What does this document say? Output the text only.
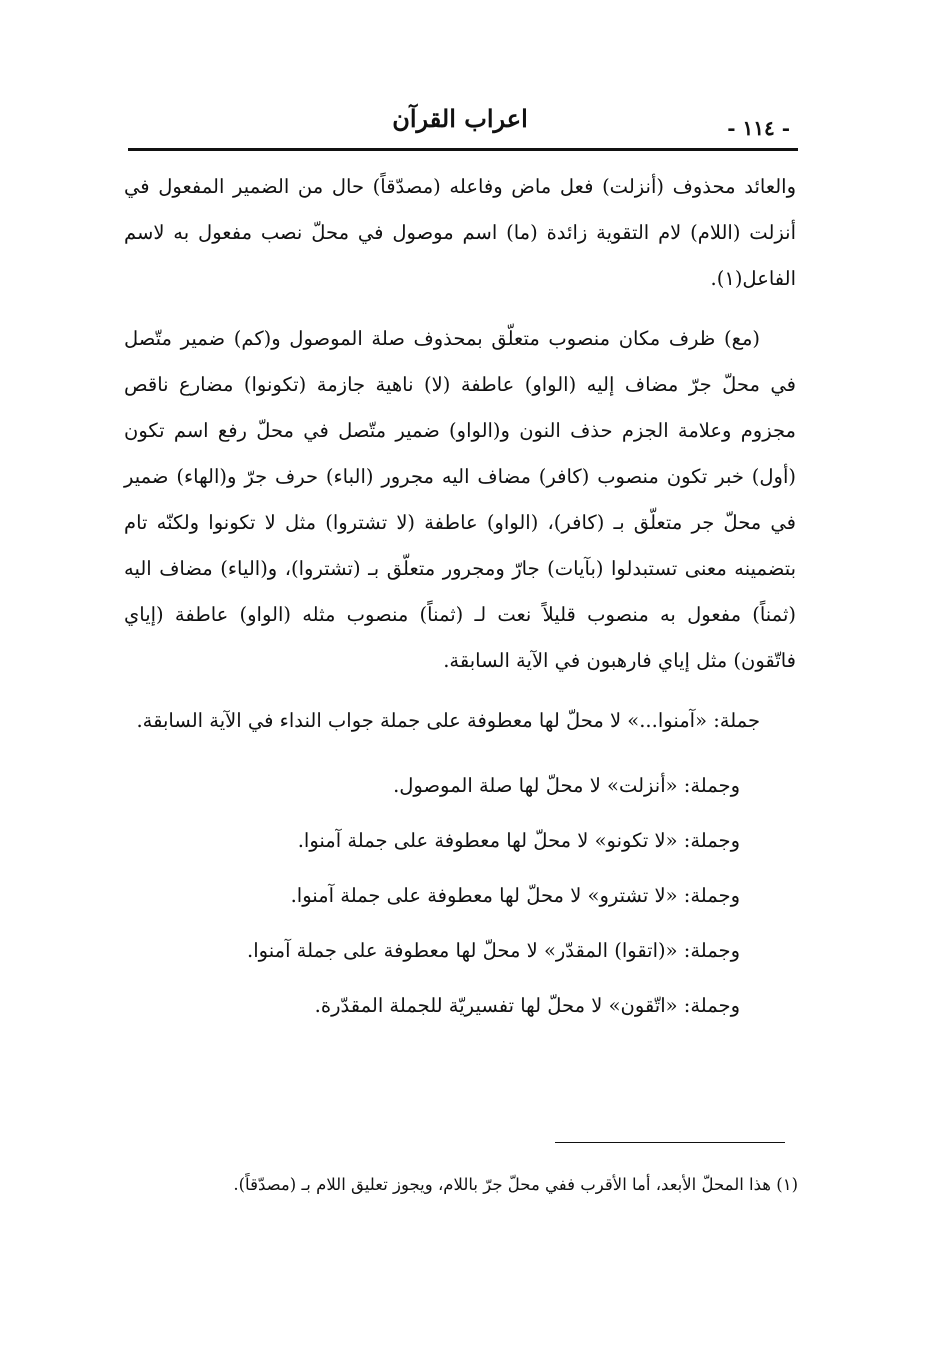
اعراب القرآن	- ١١٤ -

والعائد محذوف (أنزلت) فعل ماض وفاعله (مصدّقاً) حال من الضمير المفعول في أنزلت (اللام) لام التقوية زائدة (ما) اسم موصول في محلّ نصب مفعول به لاسم الفاعل(١).

(مع) ظرف مكان منصوب متعلّق بمحذوف صلة الموصول و(كم) ضمير متّصل في محلّ جرّ مضاف إليه (الواو) عاطفة (لا) ناهية جازمة (تكونوا) مضارع ناقص مجزوم وعلامة الجزم حذف النون و(الواو) ضمير متّصل في محلّ رفع اسم تكون (أول) خبر تكون منصوب (كافر) مضاف اليه مجرور (الباء) حرف جرّ و(الهاء) ضمير في محلّ جر متعلّق بـ (كافر)، (الواو) عاطفة (لا تشتروا) مثل لا تكونوا ولكنّه تام بتضمينه معنى تستبدلوا (بآيات) جارّ ومجرور متعلّق بـ (تشتروا)، و(الياء) مضاف اليه (ثمناً) مفعول به منصوب قليلاً نعت لـ (ثمناً) منصوب مثله (الواو) عاطفة (إياي فاتّقون) مثل إياي فارهبون في الآية السابقة.

جملة: «آمنوا...» لا محلّ لها معطوفة على جملة جواب النداء في الآية السابقة.

وجملة: «أنزلت» لا محلّ لها صلة الموصول.
وجملة: «لا تكونو» لا محلّ لها معطوفة على جملة آمنوا.
وجملة: «لا تشترو» لا محلّ لها معطوفة على جملة آمنوا.
وجملة: «(اتقوا) المقدّر» لا محلّ لها معطوفة على جملة آمنوا.
وجملة: «اتّقون» لا محلّ لها تفسيريّة للجملة المقدّرة.
(١) هذا المحلّ الأبعد، أما الأقرب ففي محلّ جرّ باللام، ويجوز تعليق اللام بـ (مصدّقاً).
